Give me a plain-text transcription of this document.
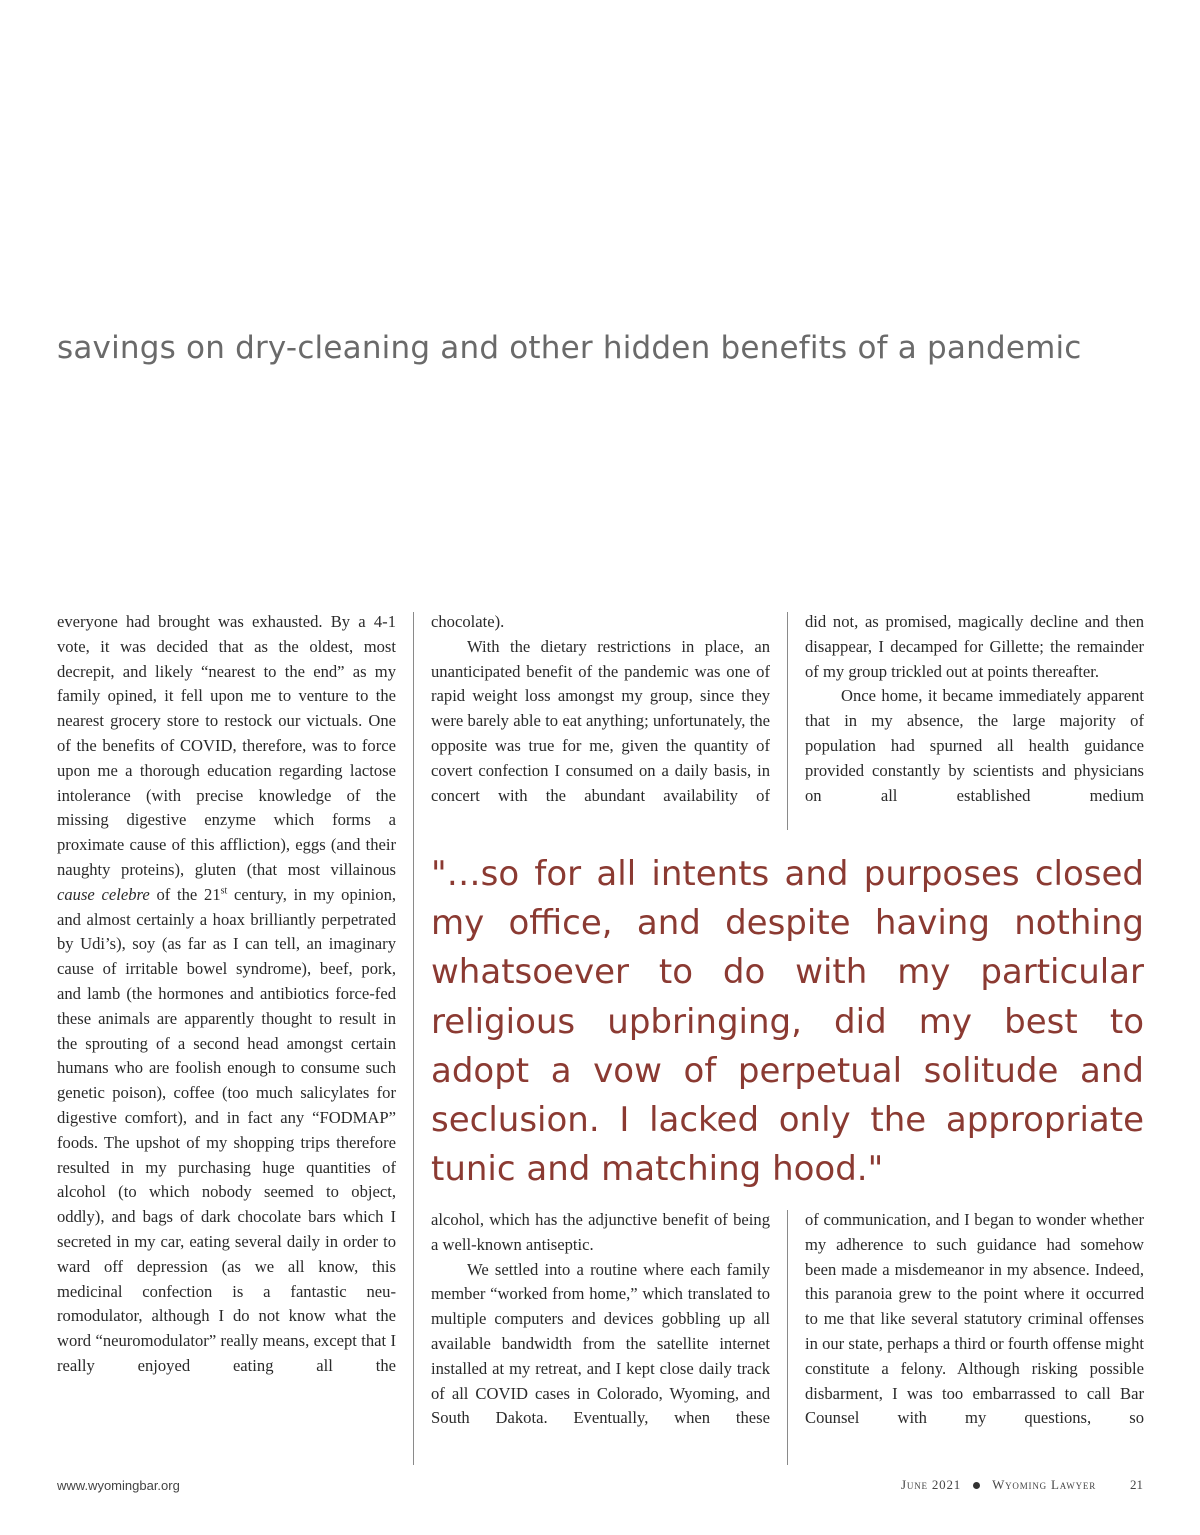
savings on dry-cleaning and other hidden benefits of a pandemic

everyone had brought was exhausted. By a 4-1 vote, it was decided that as the oldest, most decrepit, and likely “nearest to the end” as my family opined, it fell upon me to venture to the nearest grocery store to restock our victuals. One of the benefits of COVID, therefore, was to force upon me a thorough education regarding lactose intolerance (with precise knowledge of the missing digestive enzyme which forms a proximate cause of this affliction), eggs (and their naughty proteins), gluten (that most villainous cause celebre of the 21st century, in my opinion, and almost certainly a hoax brilliantly perpetrated by Udi’s), soy (as far as I can tell, an imaginary cause of irritable bowel syndrome), beef, pork, and lamb (the hormones and antibiotics force-fed these animals are apparently thought to result in the sprouting of a second head amongst certain humans who are foolish enough to consume such genetic poison), coffee (too much salicylates for digestive comfort), and in fact any “FODMAP” foods. The upshot of my shopping trips therefore resulted in my purchasing huge quantities of alcohol (to which nobody seemed to object, oddly), and bags of dark chocolate bars which I secreted in my car, eating several daily in order to ward off depression (as we all know, this medicinal confection is a fantastic neuromodulator, although I do not know what the word “neuromodulator” really means, except that I really enjoyed eating all the

chocolate).

With the dietary restrictions in place, an unanticipated benefit of the pandemic was one of rapid weight loss amongst my group, since they were barely able to eat anything; unfortunately, the opposite was true for me, given the quantity of covert confection I consumed on a daily basis, in concert with the abundant availability of

did not, as promised, magically decline and then disappear, I decamped for Gillette; the remainder of my group trickled out at points thereafter.

Once home, it became immediately apparent that in my absence, the large majority of population had spurned all health guidance provided constantly by scientists and physicians on all established medium

"…so for all intents and purposes closed my office, and despite having nothing whatsoever to do with my particular religious upbringing, did my best to adopt a vow of perpetual solitude and seclusion. I lacked only the appropriate tunic and matching hood."

alcohol, which has the adjunctive benefit of being a well-known antiseptic.

We settled into a routine where each family member “worked from home,” which translated to multiple computers and devices gobbling up all available bandwidth from the satellite internet installed at my retreat, and I kept close daily track of all COVID cases in Colorado, Wyoming, and South Dakota. Eventually, when these

of communication, and I began to wonder whether my adherence to such guidance had somehow been made a misdemeanor in my absence. Indeed, this paranoia grew to the point where it occurred to me that like several statutory criminal offenses in our state, perhaps a third or fourth offense might constitute a felony. Although risking possible disbarment, I was too embarrassed to call Bar Counsel with my questions, so

www.wyomingbar.org	June 2021 Wyoming Lawyer	21
